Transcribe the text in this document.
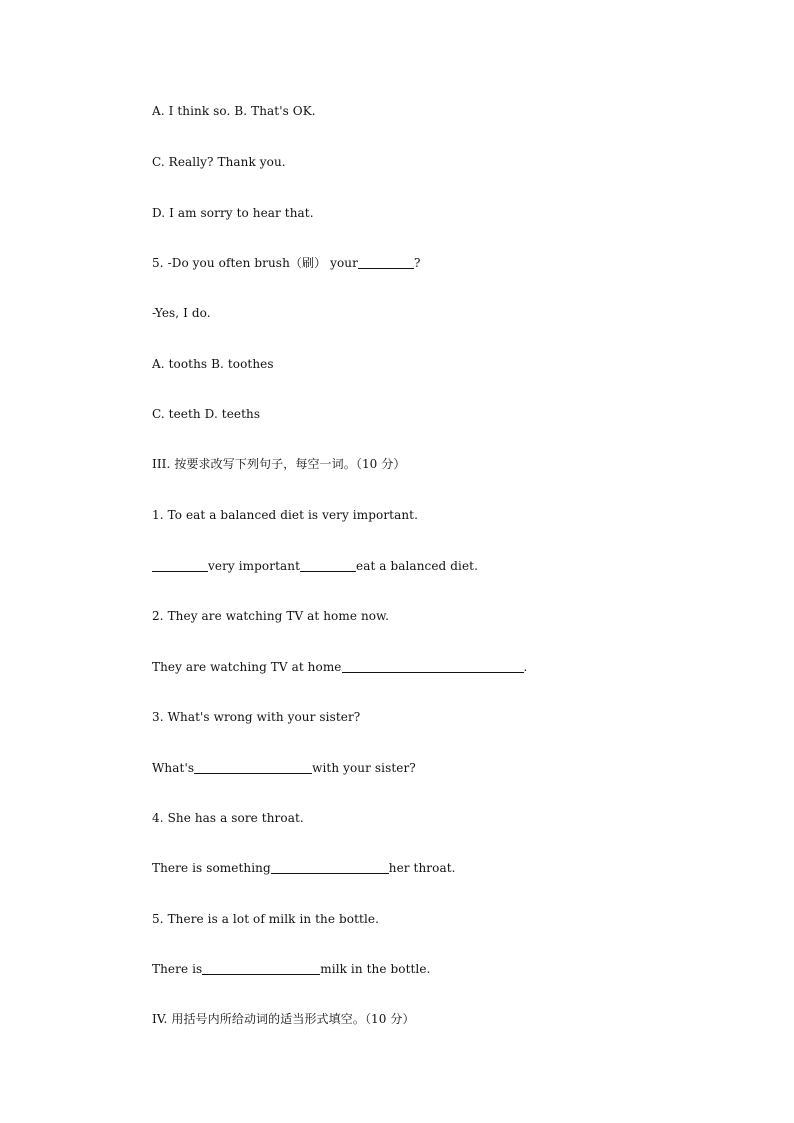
A. I think so. B. That's OK.
C. Really? Thank you.
D. I am sorry to hear that.
5. -Do you often brush（刷） your	?
-Yes, I do.
A. tooths B. toothes
C. teeth D. teeths
III. 按要求改写下列句子，每空一词。（10 分）
1. To eat a balanced diet is very important.
very important	eat a balanced diet.
2. They are watching TV at home now.
They are watching TV at home	.
3. What's wrong with your sister?
What's	with your sister?
4. She has a sore throat.
There is something	her throat.
5. There is a lot of milk in the bottle.
There is	milk in the bottle.
IV. 用括号内所给动词的适当形式填空。（10 分）
